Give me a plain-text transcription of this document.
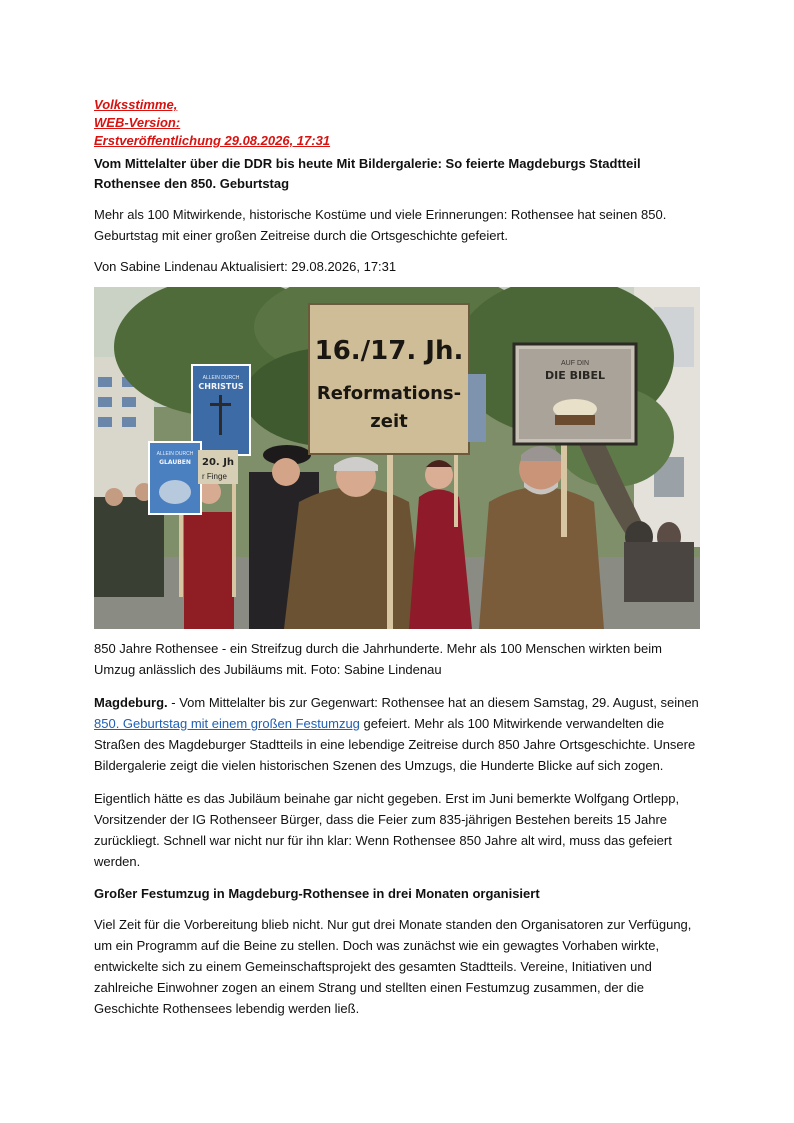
Volksstimme,
WEB-Version:
Erstveröffentlichung 29.08.2026, 17:31
Vom Mittelalter über die DDR bis heute Mit Bildergalerie: So feierte Magdeburgs Stadtteil Rothensee den 850. Geburtstag

Mehr als 100 Mitwirkende, historische Kostüme und viele Erinnerungen: Rothensee hat seinen 850. Geburtstag mit einer großen Zeitreise durch die Ortsgeschichte gefeiert.

Von Sabine Lindenau Aktualisiert: 29.08.2026, 17:31

16./17. Jh.
Reformations-
zeit
AUF DIN
DIE BIBEL
ALLEIN DURCH
CHRISTUS
ALLEIN DURCH
GLAUBEN 20. Jh
r Finge

850 Jahre Rothensee - ein Streifzug durch die Jahrhunderte. Mehr als 100 Menschen wirkten beim Umzug anlässlich des Jubiläums mit. Foto: Sabine Lindenau

Magdeburg. - Vom Mittelalter bis zur Gegenwart: Rothensee hat an diesem Samstag, 29. August, seinen 850. Geburtstag mit einem großen Festumzug gefeiert. Mehr als 100 Mitwirkende verwandelten die Straßen des Magdeburger Stadtteils in eine lebendige Zeitreise durch 850 Jahre Ortsgeschichte. Unsere Bildergalerie zeigt die vielen historischen Szenen des Umzugs, die Hunderte Blicke auf sich zogen.

Eigentlich hätte es das Jubiläum beinahe gar nicht gegeben. Erst im Juni bemerkte Wolfgang Ortlepp, Vorsitzender der IG Rothenseer Bürger, dass die Feier zum 835-jährigen Bestehen bereits 15 Jahre zurückliegt. Schnell war nicht nur für ihn klar: Wenn Rothensee 850 Jahre alt wird, muss das gefeiert werden.

Großer Festumzug in Magdeburg-Rothensee in drei Monaten organisiert

Viel Zeit für die Vorbereitung blieb nicht. Nur gut drei Monate standen den Organisatoren zur Verfügung, um ein Programm auf die Beine zu stellen. Doch was zunächst wie ein gewagtes Vorhaben wirkte, entwickelte sich zu einem Gemeinschaftsprojekt des gesamten Stadtteils. Vereine, Initiativen und zahlreiche Einwohner zogen an einem Strang und stellten einen Festumzug zusammen, der die Geschichte Rothensees lebendig werden ließ.
